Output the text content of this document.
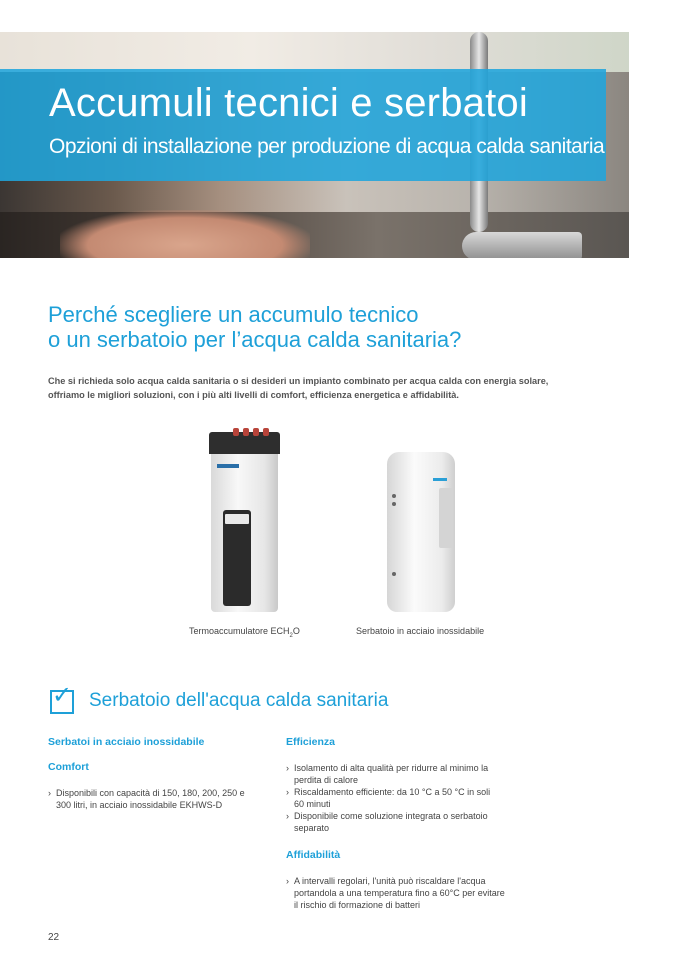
Accumuli tecnici e serbatoi
Opzioni di installazione per produzione di acqua calda sanitaria
Perché scegliere un accumulo tecnico
o un serbatoio per l’acqua calda sanitaria?
Che si richieda solo acqua calda sanitaria o si desideri un impianto combinato per acqua calda con energia solare,
offriamo le migliori soluzioni, con i più alti livelli di comfort, efficienza energetica e affidabilità.
Termoaccumulatore $ECH_2O$	Serbatoio in acciaio inossidabile
✓ Serbatoio dell'acqua calda sanitaria
Serbatoi in acciaio inossidabile
Comfort
› Disponibili con capacità di 150, 180, 200, 250 e
300 litri, in acciaio inossidabile EKHWS-D
Efficienza
› Isolamento di alta qualità per ridurre al minimo la
perdita di calore
› Riscaldamento efficiente: da 10 °C a 50 °C in soli
60 minuti
› Disponibile come soluzione integrata o serbatoio
separato
Affidabilità
› A intervalli regolari, l'unità può riscaldare l'acqua
portandola a una temperatura fino a 60°C per evitare
il rischio di formazione di batteri
22
